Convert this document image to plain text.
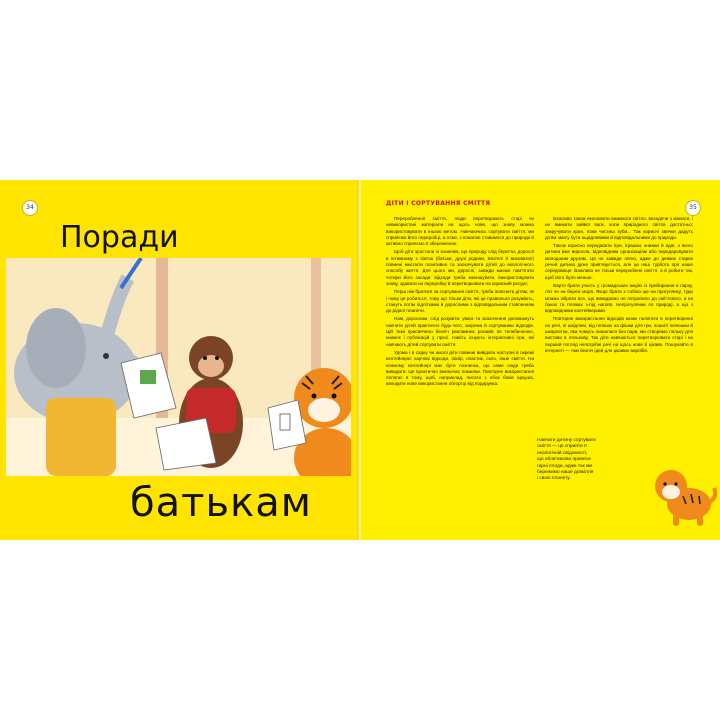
34
Поради
батькам
35
ДІТИ І СОРТУВАННЯ СМІТТЯ

Перероблення сміття, люди перетворюють старі чи невикористані матеріали на щось нове, що знову можна використовувати в іншою метою. Навчаючись сортувати сміття, ми сприяємо його переробці, а отже, з повагою ставимося до природи й активно сприяємо її збереженню.

Щоб діти зростали зі знанням, що природу слід берегти, дорослі в інтимному з сім'єю (батьки, друзі родини, вчителі й виховател) повинні мислити позитивно та заохочувати дітей до екологічного способу життя. Для цього ми, дорослі, завжди маємо пам'ятати чотири його засади: відходи треба зменшувати, використовувати знову, здавати на переробку й перетворювати на корисний ресурс.

Перш ніж братися за сортування сміття, треба пояснити дітям, як і чому це робиться, тому що тільки діти, які це правильно розуміють, стануть потім підлітками й дорослими з відповідальним ставленням до рідної планети.

Нам, дорослим, слід розуміти: увага та заохочення допоможуть навчити дітей практично будь-чого, зокрема й сортуванню відходів. Цій темі присвячено безліч рекламних роликів по телебаченню, книжок і публікацій у пресі. Навіть існують інтерактивні ігри, які навчають дітей сортувати сміття.

Удома і в садку чи школі діти повинні вивідати наступні в окремі контейнери: харчові відходи, папір, пластик, скло, інше сміття. На кожному контейнері має бути позначка, що саме сюди треба викидати. Це практично виключає помилки. Повторне використання полягає в тому, щоб, наприклад, писати з обох боків аркуша, виходити нове використання обгортці від подарунка.

Важливо також економити вимикати світло, виходячи з кімнати, і не вмикати зайвої ваги, коли природного світла достатньо; закручувати кран, поки чистиш зуби... Так корисні звички дадуть дітям змогу бути ощадливими й відповідальними до природи.

Також корисно передавати ігри, іграшки, книжки й одяг, з якого дитина вже виросла, відповідним організаціям або передаровувати молодшим друзям. Ця не завжди легко, адже до деяких старих речей дитина дуже прив'язується, але це наш турбота про наше середовище. Важливо не тільки перероблені сміття, а й робити так, щоб його було менше.

Варто брати участь у громадських акціях із прибирання в парку, лісі чи на березі моря. Якщо брати з собою ще на прогулянку, туди можна зібрати все, що викидаємо не потрапило до сміттєвого, а на баках та пляжах з-під напоїв. Непрогулянки по природі, а що з відповідними контейнерами.

Повторне використання відходів може полягати в перетворенні на речі, ні шкідливі, від пляшок на фішки для гри, пошиті пелюшки й шкарпетки, яка чомусь лишилася без пари, ми створимо ляльку для вистави в лялькову. Так діти навчаються перетворювати старі і на перший погляд непотрібні речі на щось нове й цікаве. Пошукайте в інтернеті — там безліч ідей для цікавих виробів.

Навчати дитину сортувати
сміття — це сприяти її
екологічній свідомості,
що обов'язково принесе
гарні плоди, адже так ми
бережемо наше довкілля
і свою планету.
